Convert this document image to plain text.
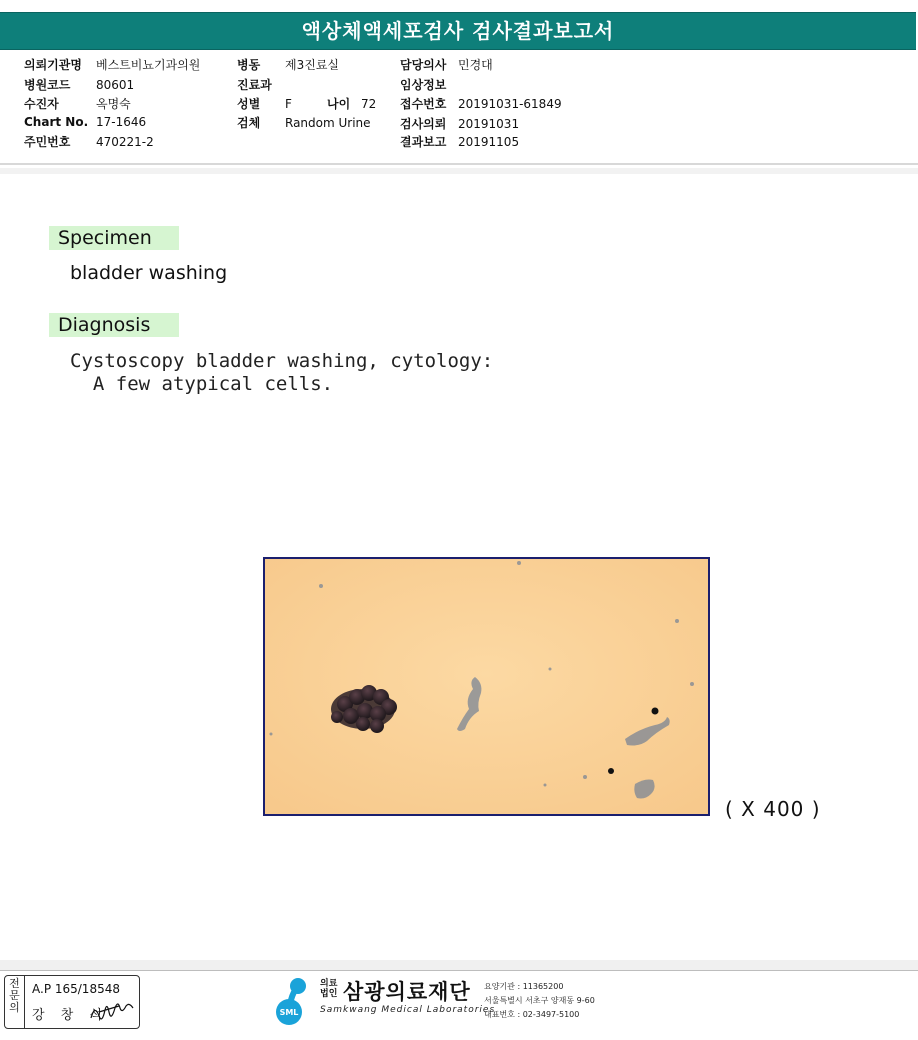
액상체액세포검사 검사결과보고서
의뢰기관명 베스트비뇨기과의원
병원코드 80601
수진자	옥명숙
Chart No. 17-1646
주민번호 470221-2
병동 제3진료실
진료과
성별 F	나이 72
검체 Random Urine
담당의사 민경대
임상정보
접수번호 20191031-61849
검사의뢰 20191031
결과보고 20191105
Specimen
bladder washing
Diagnosis
Cystoscopy bladder washing, cytology:
A few atypical cells.
( X 400 )
전문의
A.P 165/18548
강 창 석	SML
의료
법인 삼광의료재단
Samkwang Medical Laboratories
요양기관 : 11365200
서울특별시 서초구 양재동 9-60
대표번호 : 02-3497-5100
